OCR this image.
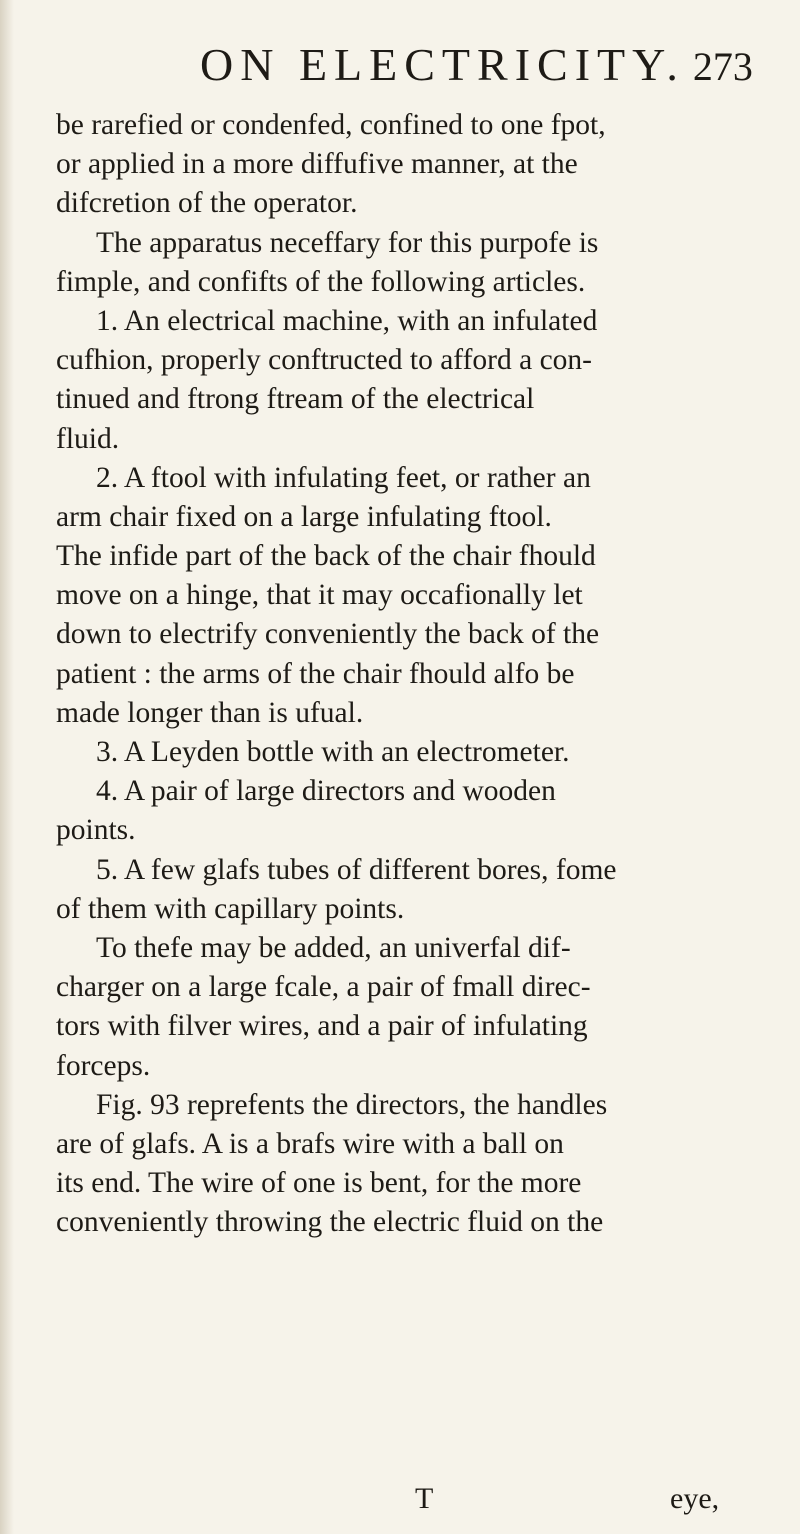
ON ELECTRICITY. 273
be rarefied or condenfed, confined to one fpot,
or applied in a more diffufive manner, at the
difcretion of the operator.
The apparatus neceffary for this purpofe is
fimple, and confifts of the following articles.
1. An electrical machine, with an infulated
cufhion, properly conftructed to afford a con-
tinued and ftrong ftream of the electrical
fluid.
2. A ftool with infulating feet, or rather an
arm chair fixed on a large infulating ftool.
The infide part of the back of the chair fhould
move on a hinge, that it may occafionally let
down to electrify conveniently the back of the
patient : the arms of the chair fhould alfo be
made longer than is ufual.
3. A Leyden bottle with an electrometer.
4. A pair of large directors and wooden
points.
5. A few glafs tubes of different bores, fome
of them with capillary points.
To thefe may be added, an univerfal dif-
charger on a large fcale, a pair of fmall direc-
tors with filver wires, and a pair of infulating
forceps.
Fig. 93 reprefents the directors, the handles
are of glafs. A is a brafs wire with a ball on
its end. The wire of one is bent, for the more
conveniently throwing the electric fluid on the
T	eye,
